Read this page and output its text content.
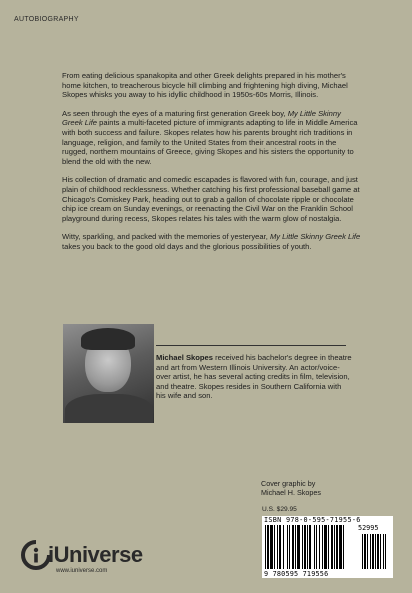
AUTOBIOGRAPHY

From eating delicious spanakopita and other Greek delights prepared in his mother's home kitchen, to treacherous bicycle hill climbing and frightening high diving, Michael Skopes whisks you away to his idyllic childhood in 1950s-60s Morris, Illinois.

As seen through the eyes of a maturing first generation Greek boy, My Little Skinny Greek Life paints a multi-faceted picture of immigrants adapting to life in Middle America with both success and failure. Skopes relates how his parents brought rich traditions in language, religion, and family to the United States from their ancestral roots in the rugged, northern mountains of Greece, giving Skopes and his sisters the opportunity to blend the old with the new.

His collection of dramatic and comedic escapades is flavored with fun, courage, and just plain of childhood recklessness. Whether catching his first professional baseball game at Chicago's Comiskey Park, heading out to grab a gallon of chocolate ripple or chocolate chip ice cream on Sunday evenings, or reenacting the Civil War on the Franklin School playground during recess, Skopes relates his tales with the warm glow of nostalgia.

Witty, sparkling, and packed with the memories of yesteryear, My Little Skinny Greek Life takes you back to the good old days and the glorious possibilities of youth.

Michael Skopes received his bachelor's degree in theatre and art from Western Illinois University. An actor/voice-over artist, he has several acting credits in film, television, and theatre. Skopes resides in Southern California with his wife and son.

Cover graphic by
Michael H. Skopes
U.S. $29.95
ISBN 978-0-595-71955-6
52995
9 780595 719556
iUniverse
www.iuniverse.com
